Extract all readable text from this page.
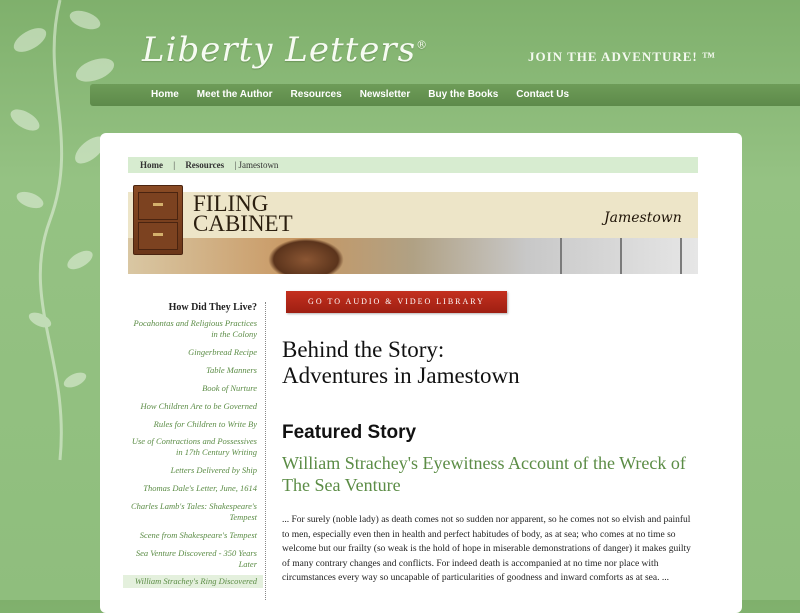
Liberty Letters®
JOIN THE ADVENTURE! ™
Home Meet the Author Resources Newsletter Buy the Books Contact Us
Home | Resources | Jamestown
FILING
CABINET	Jamestown
How Did They Live?
Pocahontas and Religious Practices in the Colony
Gingerbread Recipe
Table Manners
Book of Nurture
How Children Are to be Governed
Rules for Children to Write By
Use of Contractions and Possessives in 17th Century Writing
Letters Delivered by Ship
Thomas Dale's Letter, June, 1614
Charles Lamb's Tales: Shakespeare's Tempest
Scene from Shakespeare's Tempest
Sea Venture Discovered - 350 Years Later
William Strachey's Ring Discovered
GO TO AUDIO & VIDEO LIBRARY
Behind the Story:
Adventures in Jamestown
Featured Story
William Strachey's Eyewitness Account of the Wreck of The Sea Venture
... For surely (noble lady) as death comes not so sudden nor apparent, so he comes not so elvish and painful to men, especially even then in health and perfect habitudes of body, as at sea; who comes at no time so welcome but our frailty (so weak is the hold of hope in miserable demonstrations of danger) it makes guilty of many contrary changes and conflicts. For indeed death is accompanied at no time nor place with circumstances every way so uncapable of particularities of goodness and inward comforts as at sea. ...
